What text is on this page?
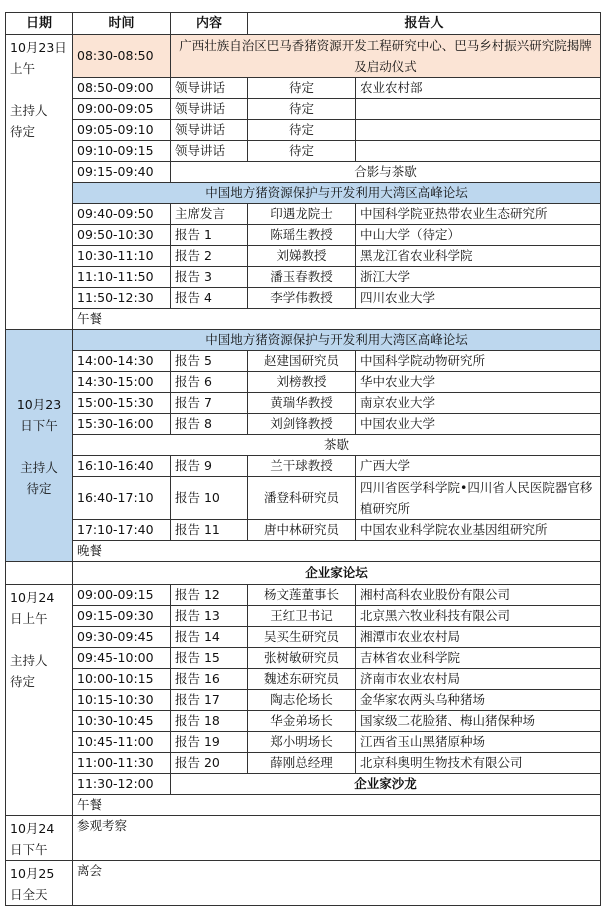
日期	时间	内容	报告人	
10月23日
上午

主持人
待定	08:30-08:50	广西壮族自治区巴马香猪资源开发工程研究中心、巴马乡村振兴研究院揭牌及启动仪式		
	08:50-09:00	领导讲话	待定	农业农村部
	09:00-09:05	领导讲话	待定	
	09:05-09:10	领导讲话	待定	
	09:10-09:15	领导讲话	待定	
	09:15-09:40	合影与茶歇		
	中国地方猪资源保护与开发利用大湾区高峰论坛			
	09:40-09:50	主席发言	印遇龙院士	中国科学院亚热带农业生态研究所
	09:50-10:30	报告 1	陈瑶生教授	中山大学（待定）
	10:30-11:10	报告 2	刘娣教授	黑龙江省农业科学院
	11:10-11:50	报告 3	潘玉春教授	浙江大学
	11:50-12:30	报告 4	李学伟教授	四川农业大学
	午餐			
10月23
日下午

主持人
待定	中国地方猪资源保护与开发利用大湾区高峰论坛			
	14:00-14:30	报告 5	赵建国研究员	中国科学院动物研究所
	14:30-15:00	报告 6	刘榜教授	华中农业大学
	15:00-15:30	报告 7	黄瑞华教授	南京农业大学
	15:30-16:00	报告 8	刘剑锋教授	中国农业大学
	茶歇			
	16:10-16:40	报告 9	兰干球教授	广西大学
	16:40-17:10	报告 10	潘登科研究员	四川省医学科学院•四川省人民医院器官移植研究所
	17:10-17:40	报告 11	唐中林研究员	中国农业科学院农业基因组研究所
	晚餐			
	企业家论坛			
10月24
日上午

主持人
待定	09:00-09:15	报告 12	杨文莲董事长	湘村高科农业股份有限公司
	09:15-09:30	报告 13	王红卫书记	北京黑六牧业科技有限公司
	09:30-09:45	报告 14	吴买生研究员	湘潭市农业农村局
	09:45-10:00	报告 15	张树敏研究员	吉林省农业科学院
	10:00-10:15	报告 16	魏述东研究员	济南市农业农村局
	10:15-10:30	报告 17	陶志伦场长	金华家农两头乌种猪场
	10:30-10:45	报告 18	华金弟场长	国家级二花脸猪、梅山猪保种场
	10:45-11:00	报告 19	郑小明场长	江西省玉山黑猪原种场
	11:00-11:30	报告 20	薛刚总经理	北京科奥明生物技术有限公司
	11:30-12:00	企业家沙龙		
	午餐			
10月24
日下午	参观考察			
10月25
日全天	离会			
